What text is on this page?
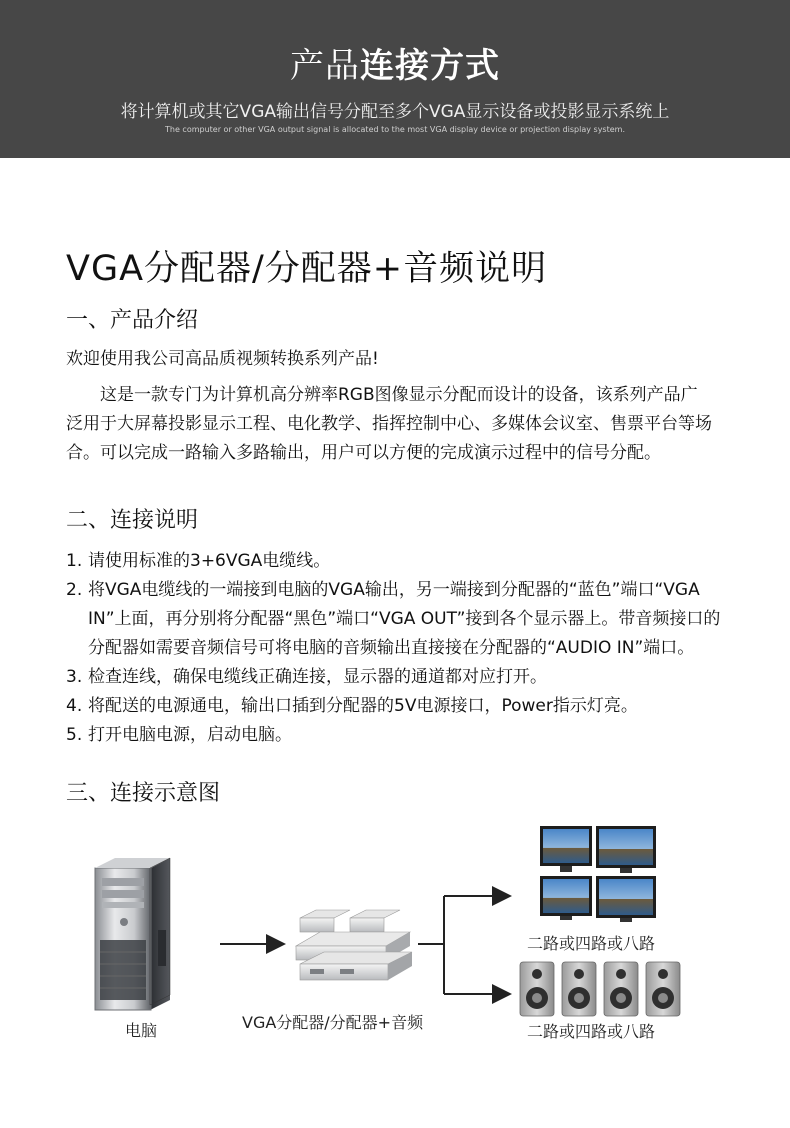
产品连接方式
将计算机或其它VGA输出信号分配至多个VGA显示设备或投影显示系统上
The computer or other VGA output signal is allocated to the most VGA display device or projection display system.
VGA分配器/分配器+音频说明
一、产品介绍
欢迎使用我公司高品质视频转换系列产品!
这是一款专门为计算机高分辨率RGB图像显示分配而设计的设备，该系列产品广泛用于大屏幕投影显示工程、电化教学、指挥控制中心、多媒体会议室、售票平台等场合。可以完成一路输入多路输出，用户可以方便的完成演示过程中的信号分配。
二、连接说明
1. 请使用标准的3+6VGA电缆线。
2. 将VGA电缆线的一端接到电脑的VGA输出，另一端接到分配器的“蓝色”端口“VGA IN”上面，再分别将分配器“黑色”端口“VGA OUT”接到各个显示器上。带音频接口的分配器如需要音频信号可将电脑的音频输出直接接在分配器的“AUDIO IN”端口。
3. 检查连线，确保电缆线正确连接，显示器的通道都对应打开。
4. 将配送的电源通电，输出口插到分配器的5V电源接口，Power指示灯亮。
5. 打开电脑电源，启动电脑。
三、连接示意图
电脑	VGA分配器/分配器+音频
二路或四路或八路
二路或四路或八路
